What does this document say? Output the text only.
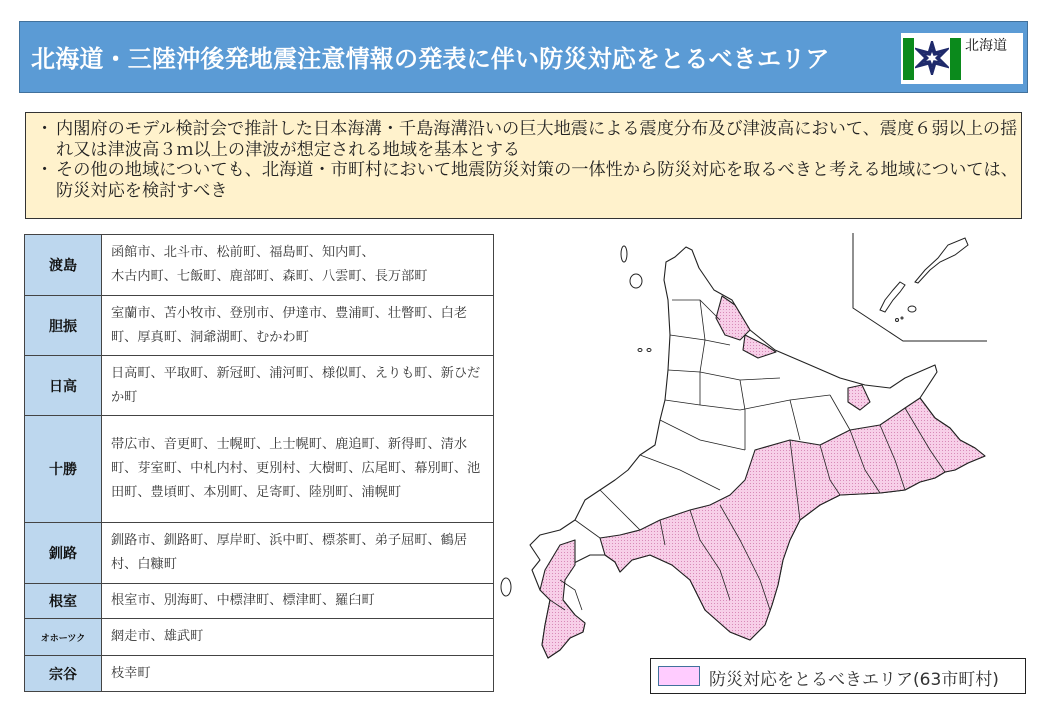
北海道・三陸沖後発地震注意情報の発表に伴い防災対応をとるべきエリア	北海道
・ 内閣府のモデル検討会で推計した日本海溝・千島海溝沿いの巨大地震による震度分布及び津波高において、震度６弱以上の揺れ又は津波高３ｍ以上の津波が想定される地域を基本とする
・ その他の地域についても、北海道・市町村において地震防災対策の一体性から防災対応を取るべきと考える地域については、防災対応を検討すべき
渡島	函館市、北斗市、松前町、福島町、知内町、
木古内町、七飯町、鹿部町、森町、八雲町、長万部町
胆振	室蘭市、苫小牧市、登別市、伊達市、豊浦町、壮瞥町、白老町、厚真町、洞爺湖町、むかわ町
日高	日高町、平取町、新冠町、浦河町、様似町、えりも町、新ひだか町
十勝	帯広市、音更町、士幌町、上士幌町、鹿追町、新得町、清水町、芽室町、中札内村、更別村、大樹町、広尾町、幕別町、池田町、豊頃町、本別町、足寄町、陸別町、浦幌町
釧路	釧路市、釧路町、厚岸町、浜中町、標茶町、弟子屈町、鶴居村、白糠町
根室	根室市、別海町、中標津町、標津町、羅臼町
オホーツク	網走市、雄武町
宗谷	枝幸町	防災対応をとるべきエリア(63市町村)
